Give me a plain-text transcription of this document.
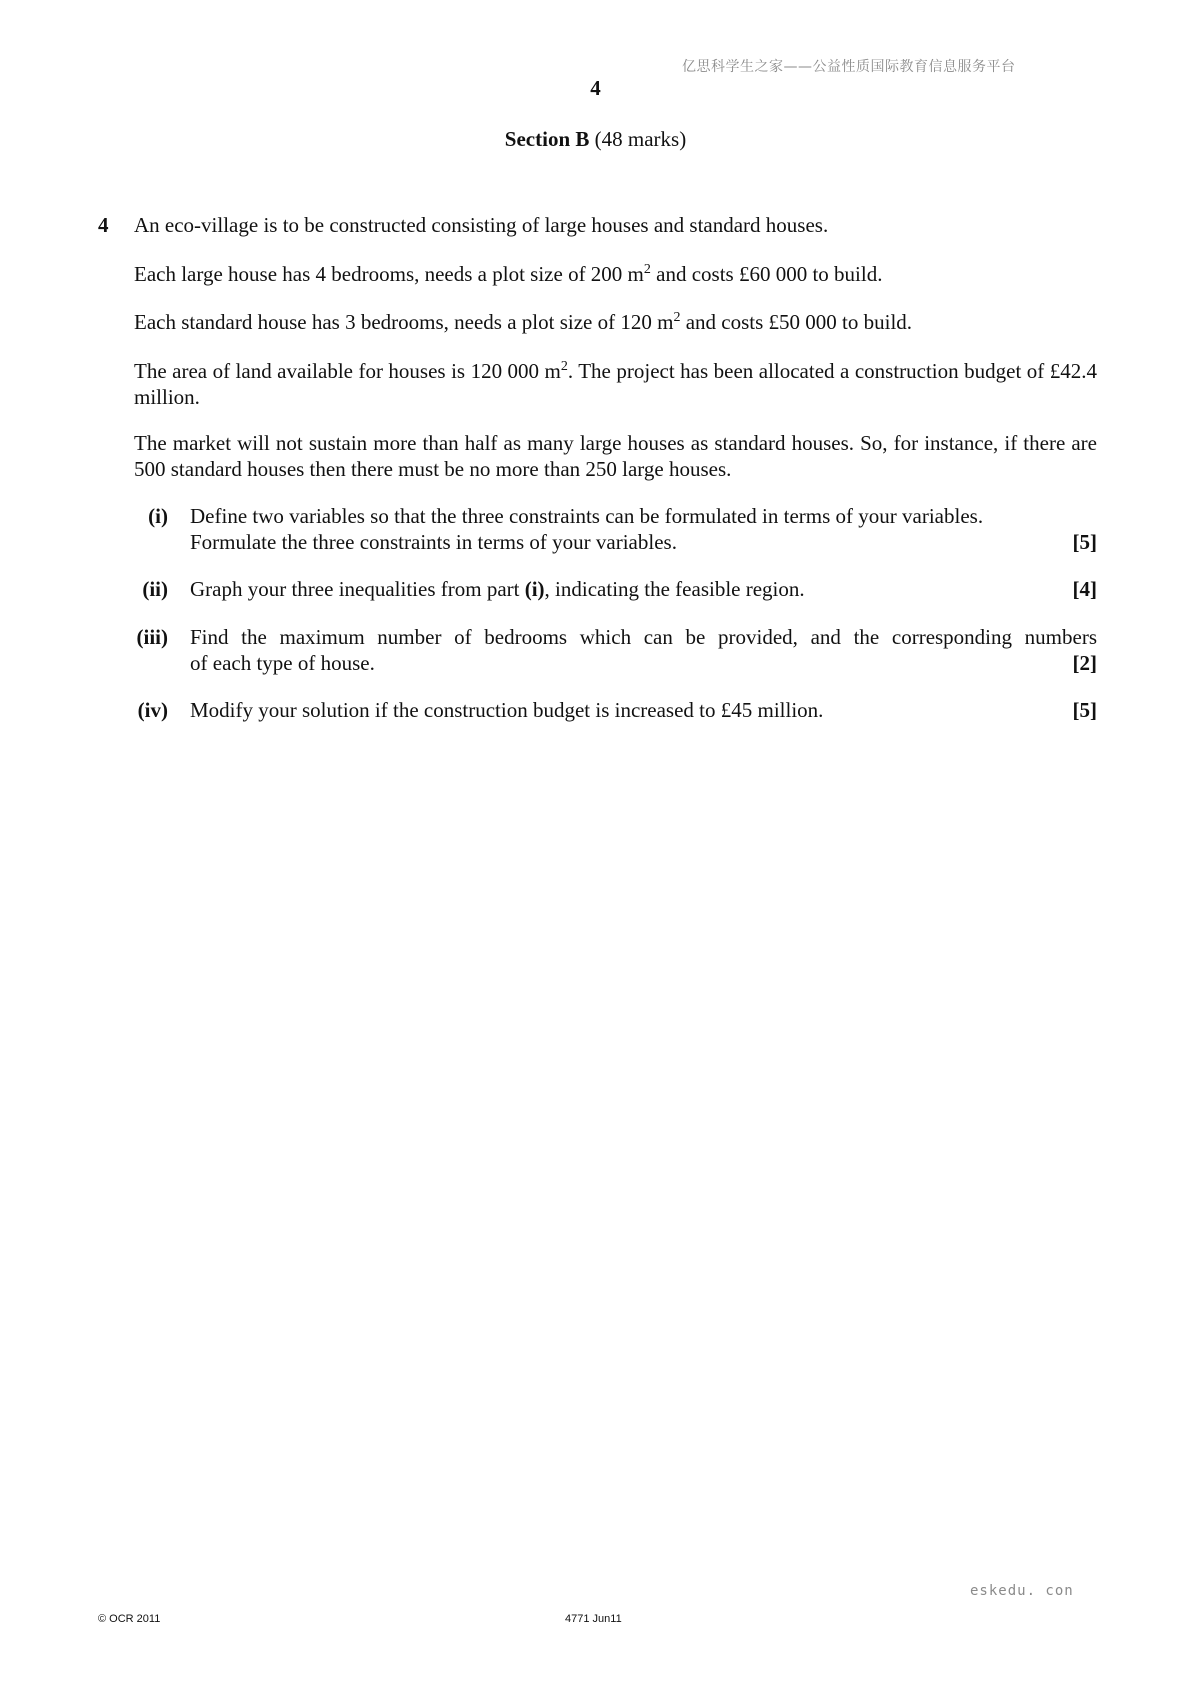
亿思科学生之家——公益性质国际教育信息服务平台
4
Section B (48 marks)
4 An eco-village is to be constructed consisting of large houses and standard houses.
Each large house has 4 bedrooms, needs a plot size of 200 $m^2$ and costs £60 000 to build.
Each standard house has 3 bedrooms, needs a plot size of 120 $m^2$ and costs £50 000 to build.
The area of land available for houses is 120 000 $m^2$. The project has been allocated a construction budget of £42.4 million.
The market will not sustain more than half as many large houses as standard houses. So, for instance, if there are 500 standard houses then there must be no more than 250 large houses.
(i) Define two variables so that the three constraints can be formulated in terms of your variables.
Formulate the three constraints in terms of your variables.	[5]
(ii) Graph your three inequalities from part (i), indicating the feasible region.	[4]
(iii) Find the maximum number of bedrooms which can be provided, and the corresponding numbers
of each type of house.	[2]
(iv) Modify your solution if the construction budget is increased to £45 million.	[5]
eskedu. con
© OCR 2011	4771 Jun11
